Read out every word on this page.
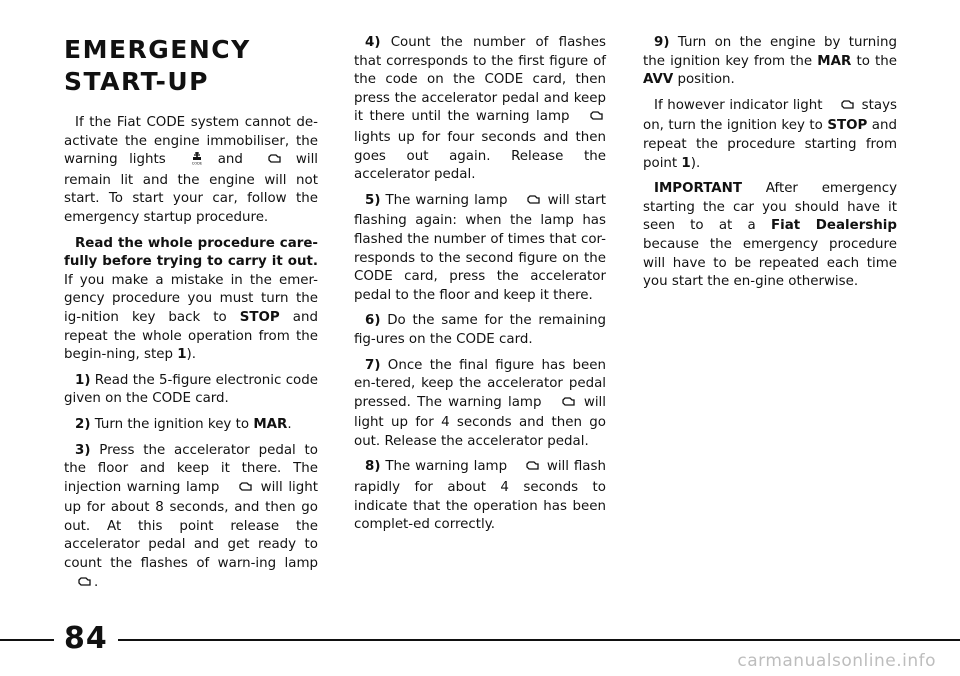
EMERGENCY START-UP

If the Fiat CODE system cannot de-activate the engine immobiliser, the warning lights	CODE and	will remain lit and the engine will not start. To start your car, follow the emergency startup procedure.

Read the whole procedure care-fully before trying to carry it out. If you make a mistake in the emer-gency procedure you must turn the ig-nition key back to STOP and repeat the whole operation from the begin-ning, step 1).

1) Read the 5-figure electronic code given on the CODE card.

2) Turn the ignition key to MAR.

3) Press the accelerator pedal to the floor and keep it there. The injection warning lamp	will light up for about 8 seconds, and then go out. At this point release the accelerator pedal and get ready to count the flashes of warn-ing lamp .

4) Count the number of flashes that corresponds to the first figure of the code on the CODE card, then press the accelerator pedal and keep it there until the warning lamp  lights up for four seconds and then goes out again. Release the accelerator pedal.

5) The warning lamp	will start flashing again: when the lamp has flashed the number of times that cor-responds to the second figure on the CODE card, press the accelerator pedal to the floor and keep it there.

6) Do the same for the remaining fig-ures on the CODE card.

7) Once the final figure has been en-tered, keep the accelerator pedal pressed. The warning lamp	will light up for 4 seconds and then go out. Release the accelerator pedal.

8) The warning lamp	will flash rapidly for about 4 seconds to indicate that the operation has been complet-ed correctly.

9) Turn on the engine by turning the ignition key from the MAR to the AVV position.

If however indicator light	stays on, turn the ignition key to STOP and repeat the procedure starting from point 1).

IMPORTANT After emergency starting the car you should have it seen to at a Fiat Dealership because the emergency procedure will have to be repeated each time you start the en-gine otherwise.

84
carmanualsonline.info
